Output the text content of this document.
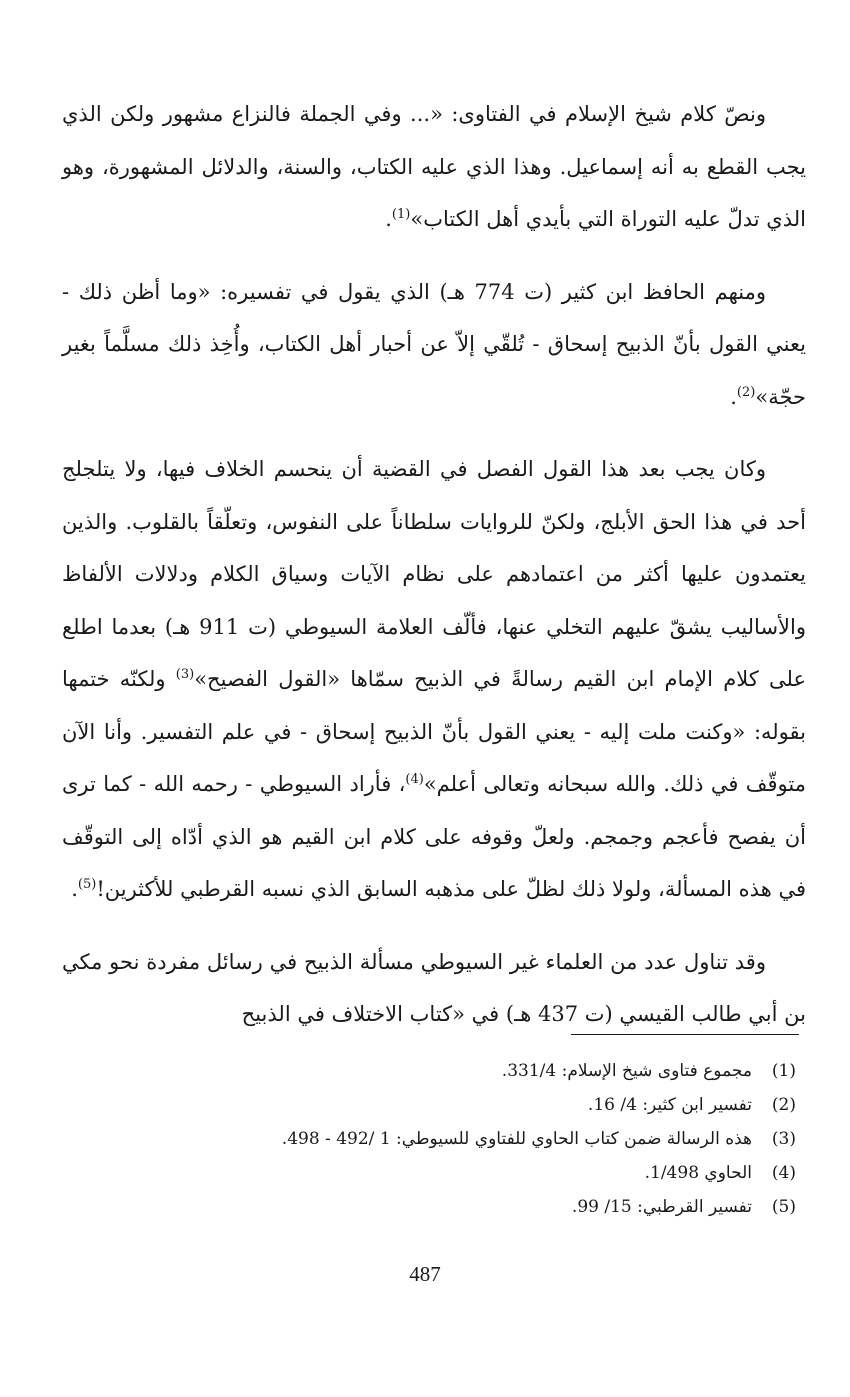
ونصّ كلام شيخ الإسلام في الفتاوى: «... وفي الجملة فالنزاع مشهور ولكن الذي يجب القطع به أنه إسماعيل. وهذا الذي عليه الكتاب، والسنة، والدلائل المشهورة، وهو الذي تدلّ عليه التوراة التي بأيدي أهل الكتاب»$^{(1)}$.

ومنهم الحافظ ابن كثير (ت 774 هـ) الذي يقول في تفسيره: «وما أظن ذلك - يعني القول بأنّ الذبيح إسحاق - تُلقّي إلاّ عن أحبار أهل الكتاب، وأُخِذ ذلك مسلَّماً بغير حجّة»$^{(2)}$.

وكان يجب بعد هذا القول الفصل في القضية أن ينحسم الخلاف فيها، ولا يتلجلج أحد في هذا الحق الأبلج، ولكنّ للروايات سلطاناً على النفوس، وتعلّقاً بالقلوب. والذين يعتمدون عليها أكثر من اعتمادهم على نظام الآيات وسياق الكلام ودلالات الألفاظ والأساليب يشقّ عليهم التخلي عنها، فألّف العلامة السيوطي (ت 911 هـ) بعدما اطلع على كلام الإمام ابن القيم رسالةً في الذبيح سمّاها «القول الفصيح»$^{(3)}$ ولكنّه ختمها بقوله: «وكنت ملت إليه - يعني القول بأنّ الذبيح إسحاق - في علم التفسير. وأنا الآن متوقّف في ذلك. والله سبحانه وتعالى أعلم»$^{(4)}$، فأراد السيوطي - رحمه الله - كما ترى أن يفصح فأعجم وجمجم. ولعلّ وقوفه على كلام ابن القيم هو الذي أدّاه إلى التوقّف في هذه المسألة، ولولا ذلك لظلّ على مذهبه السابق الذي نسبه القرطبي للأكثرين!$^{(5)}$.

وقد تناول عدد من العلماء غير السيوطي مسألة الذبيح في رسائل مفردة نحو مكي بن أبي طالب القيسي (ت 437 هـ) في «كتاب الاختلاف في الذبيح

(1)
مجموع فتاوى شيخ الإسلام: 331/4.
(2)
تفسير ابن كثير: 4/ 16.
(3)
هذه الرسالة ضمن كتاب الحاوي للفتاوي للسيوطي: 1 /492 - 498.
(4)
الحاوي 1/498.
(5)
تفسير القرطبي: 15/ 99.
487
